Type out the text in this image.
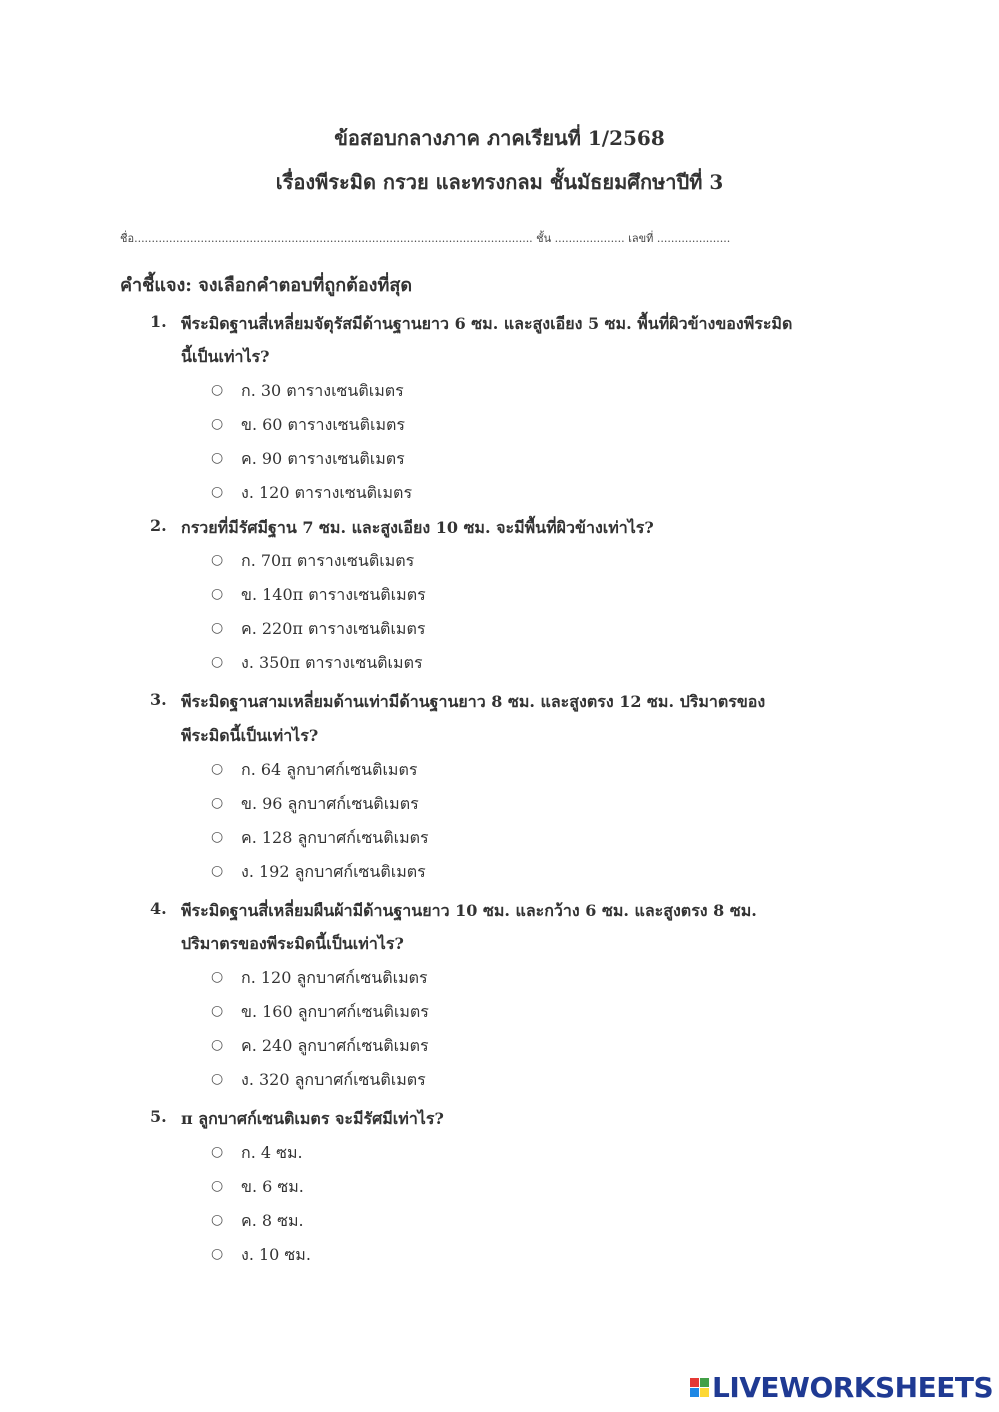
ข้อสอบกลางภาค ภาคเรียนที่ 1/2568
เรื่องพีระมิด กรวย และทรงกลม ชั้นมัธยมศึกษาปีที่ 3
ชื่อ.................................................................................................................. ชั้น .................... เลขที่ .....................
คำชี้แจง: จงเลือกคำตอบที่ถูกต้องที่สุด
1. พีระมิดฐานสี่เหลี่ยมจัตุรัสมีด้านฐานยาว 6 ซม. และสูงเอียง 5 ซม. พื้นที่ผิวข้างของพีระมิด
นี้เป็นเท่าไร?
○ ก. 30 ตารางเซนติเมตร
○ ข. 60 ตารางเซนติเมตร
○ ค. 90 ตารางเซนติเมตร
○ ง. 120 ตารางเซนติเมตร
2. กรวยที่มีรัศมีฐาน 7 ซม. และสูงเอียง 10 ซม. จะมีพื้นที่ผิวข้างเท่าไร?
○ ก. 70π ตารางเซนติเมตร
○ ข. 140π ตารางเซนติเมตร
○ ค. 220π ตารางเซนติเมตร
○ ง. 350π ตารางเซนติเมตร
3. พีระมิดฐานสามเหลี่ยมด้านเท่ามีด้านฐานยาว 8 ซม. และสูงตรง 12 ซม. ปริมาตรของ
พีระมิดนี้เป็นเท่าไร?
○ ก. 64 ลูกบาศก์เซนติเมตร
○ ข. 96 ลูกบาศก์เซนติเมตร
○ ค. 128 ลูกบาศก์เซนติเมตร
○ ง. 192 ลูกบาศก์เซนติเมตร
4. พีระมิดฐานสี่เหลี่ยมผืนผ้ามีด้านฐานยาว 10 ซม. และกว้าง 6 ซม. และสูงตรง 8 ซม.
ปริมาตรของพีระมิดนี้เป็นเท่าไร?
○ ก. 120 ลูกบาศก์เซนติเมตร
○ ข. 160 ลูกบาศก์เซนติเมตร
○ ค. 240 ลูกบาศก์เซนติเมตร
○ ง. 320 ลูกบาศก์เซนติเมตร
5. π ลูกบาศก์เซนติเมตร จะมีรัศมีเท่าไร?
○ ก. 4 ซม.
○ ข. 6 ซม.
○ ค. 8 ซม.
○ ง. 10 ซม.
LIVEWORKSHEETS
